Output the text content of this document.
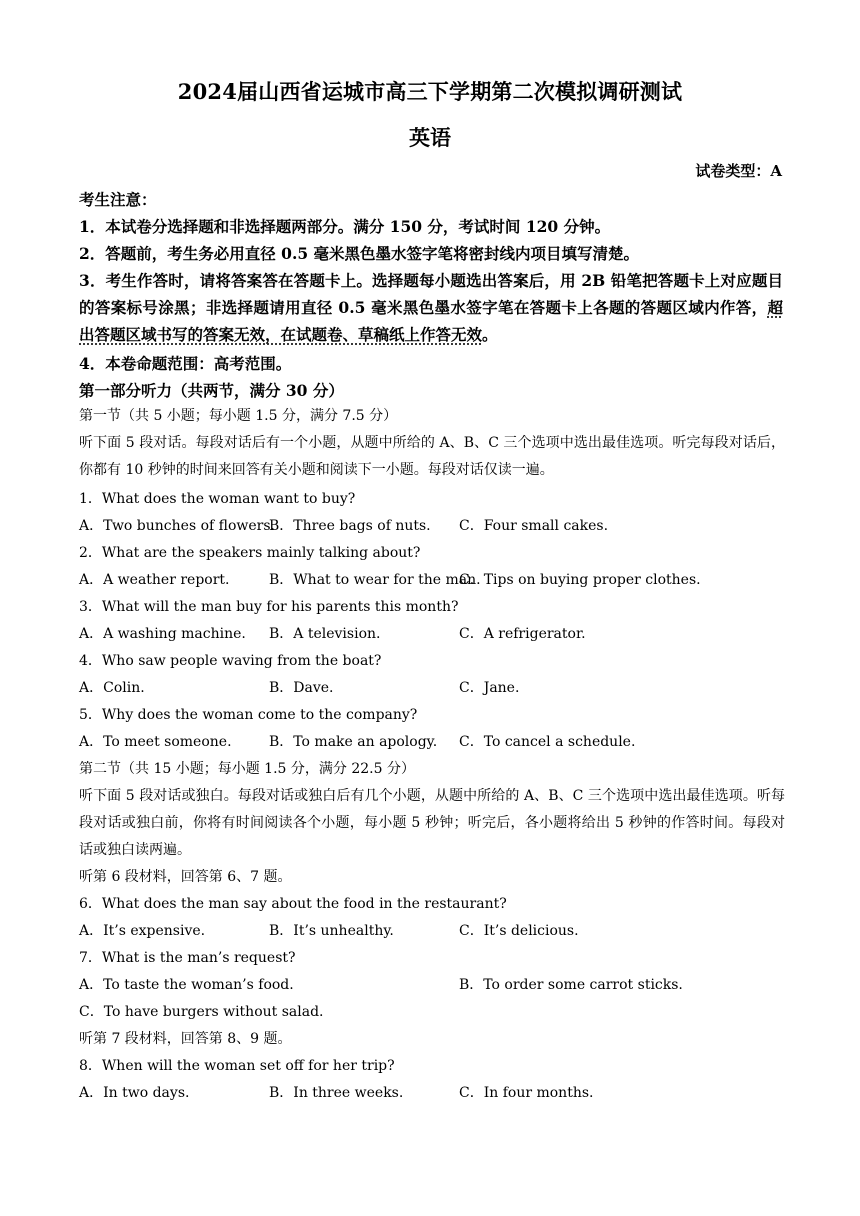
2024届山西省运城市高三下学期第二次模拟调研测试
英语
试卷类型：A
考生注意：
1．本试卷分选择题和非选择题两部分。满分 150 分，考试时间 120 分钟。
2．答题前，考生务必用直径 0.5 毫米黑色墨水签字笔将密封线内项目填写清楚。
3．考生作答时，请将答案答在答题卡上。选择题每小题选出答案后，用 2B 铅笔把答题卡上对应题目的答案标号涂黑；非选择题请用直径 0.5 毫米黑色墨水签字笔在答题卡上各题的答题区域内作答，超出答题区域书写的答案无效，在试题卷、草稿纸上作答无效。
4．本卷命题范围：高考范围。
第一部分听力（共两节，满分 30 分）
第一节（共 5 小题；每小题 1.5 分，满分 7.5 分）
听下面 5 段对话。每段对话后有一个小题，从题中所给的 A、B、C 三个选项中选出最佳选项。听完每段对话后，你都有 10 秒钟的时间来回答有关小题和阅读下一小题。每段对话仅读一遍。
1．What does the woman want to buy?
A．Two bunches of flowers.
B．Three bags of nuts. C．Four small cakes.
2．What are the speakers mainly talking about?
A．A weather report.	B．What to wear for the man.
C．Tips on buying proper clothes.
3．What will the man buy for his parents this month?
A．A washing machine. B．A television.	C．A refrigerator.
4．Who saw people waving from the boat?
A．Colin.	B．Dave.	C．Jane.
5．Why does the woman come to the company?
A．To meet someone.	B．To make an apology. C．To cancel a schedule.
第二节（共 15 小题；每小题 1.5 分，满分 22.5 分）
听下面 5 段对话或独白。每段对话或独白后有几个小题，从题中所给的 A、B、C 三个选项中选出最佳选项。听每段对话或独白前，你将有时间阅读各个小题，每小题 5 秒钟；听完后，各小题将给出 5 秒钟的作答时间。每段对话或独白读两遍。
听第 6 段材料，回答第 6、7 题。
6．What does the man say about the food in the restaurant?
A．It’s expensive.	B．It’s unhealthy.	C．It’s delicious.
7．What is the man’s request?
A．To taste the woman’s food.	B．To order some carrot sticks.
C．To have burgers without salad.
听第 7 段材料，回答第 8、9 题。
8．When will the woman set off for her trip?
A．In two days.	B．In three weeks.	C．In four months.
